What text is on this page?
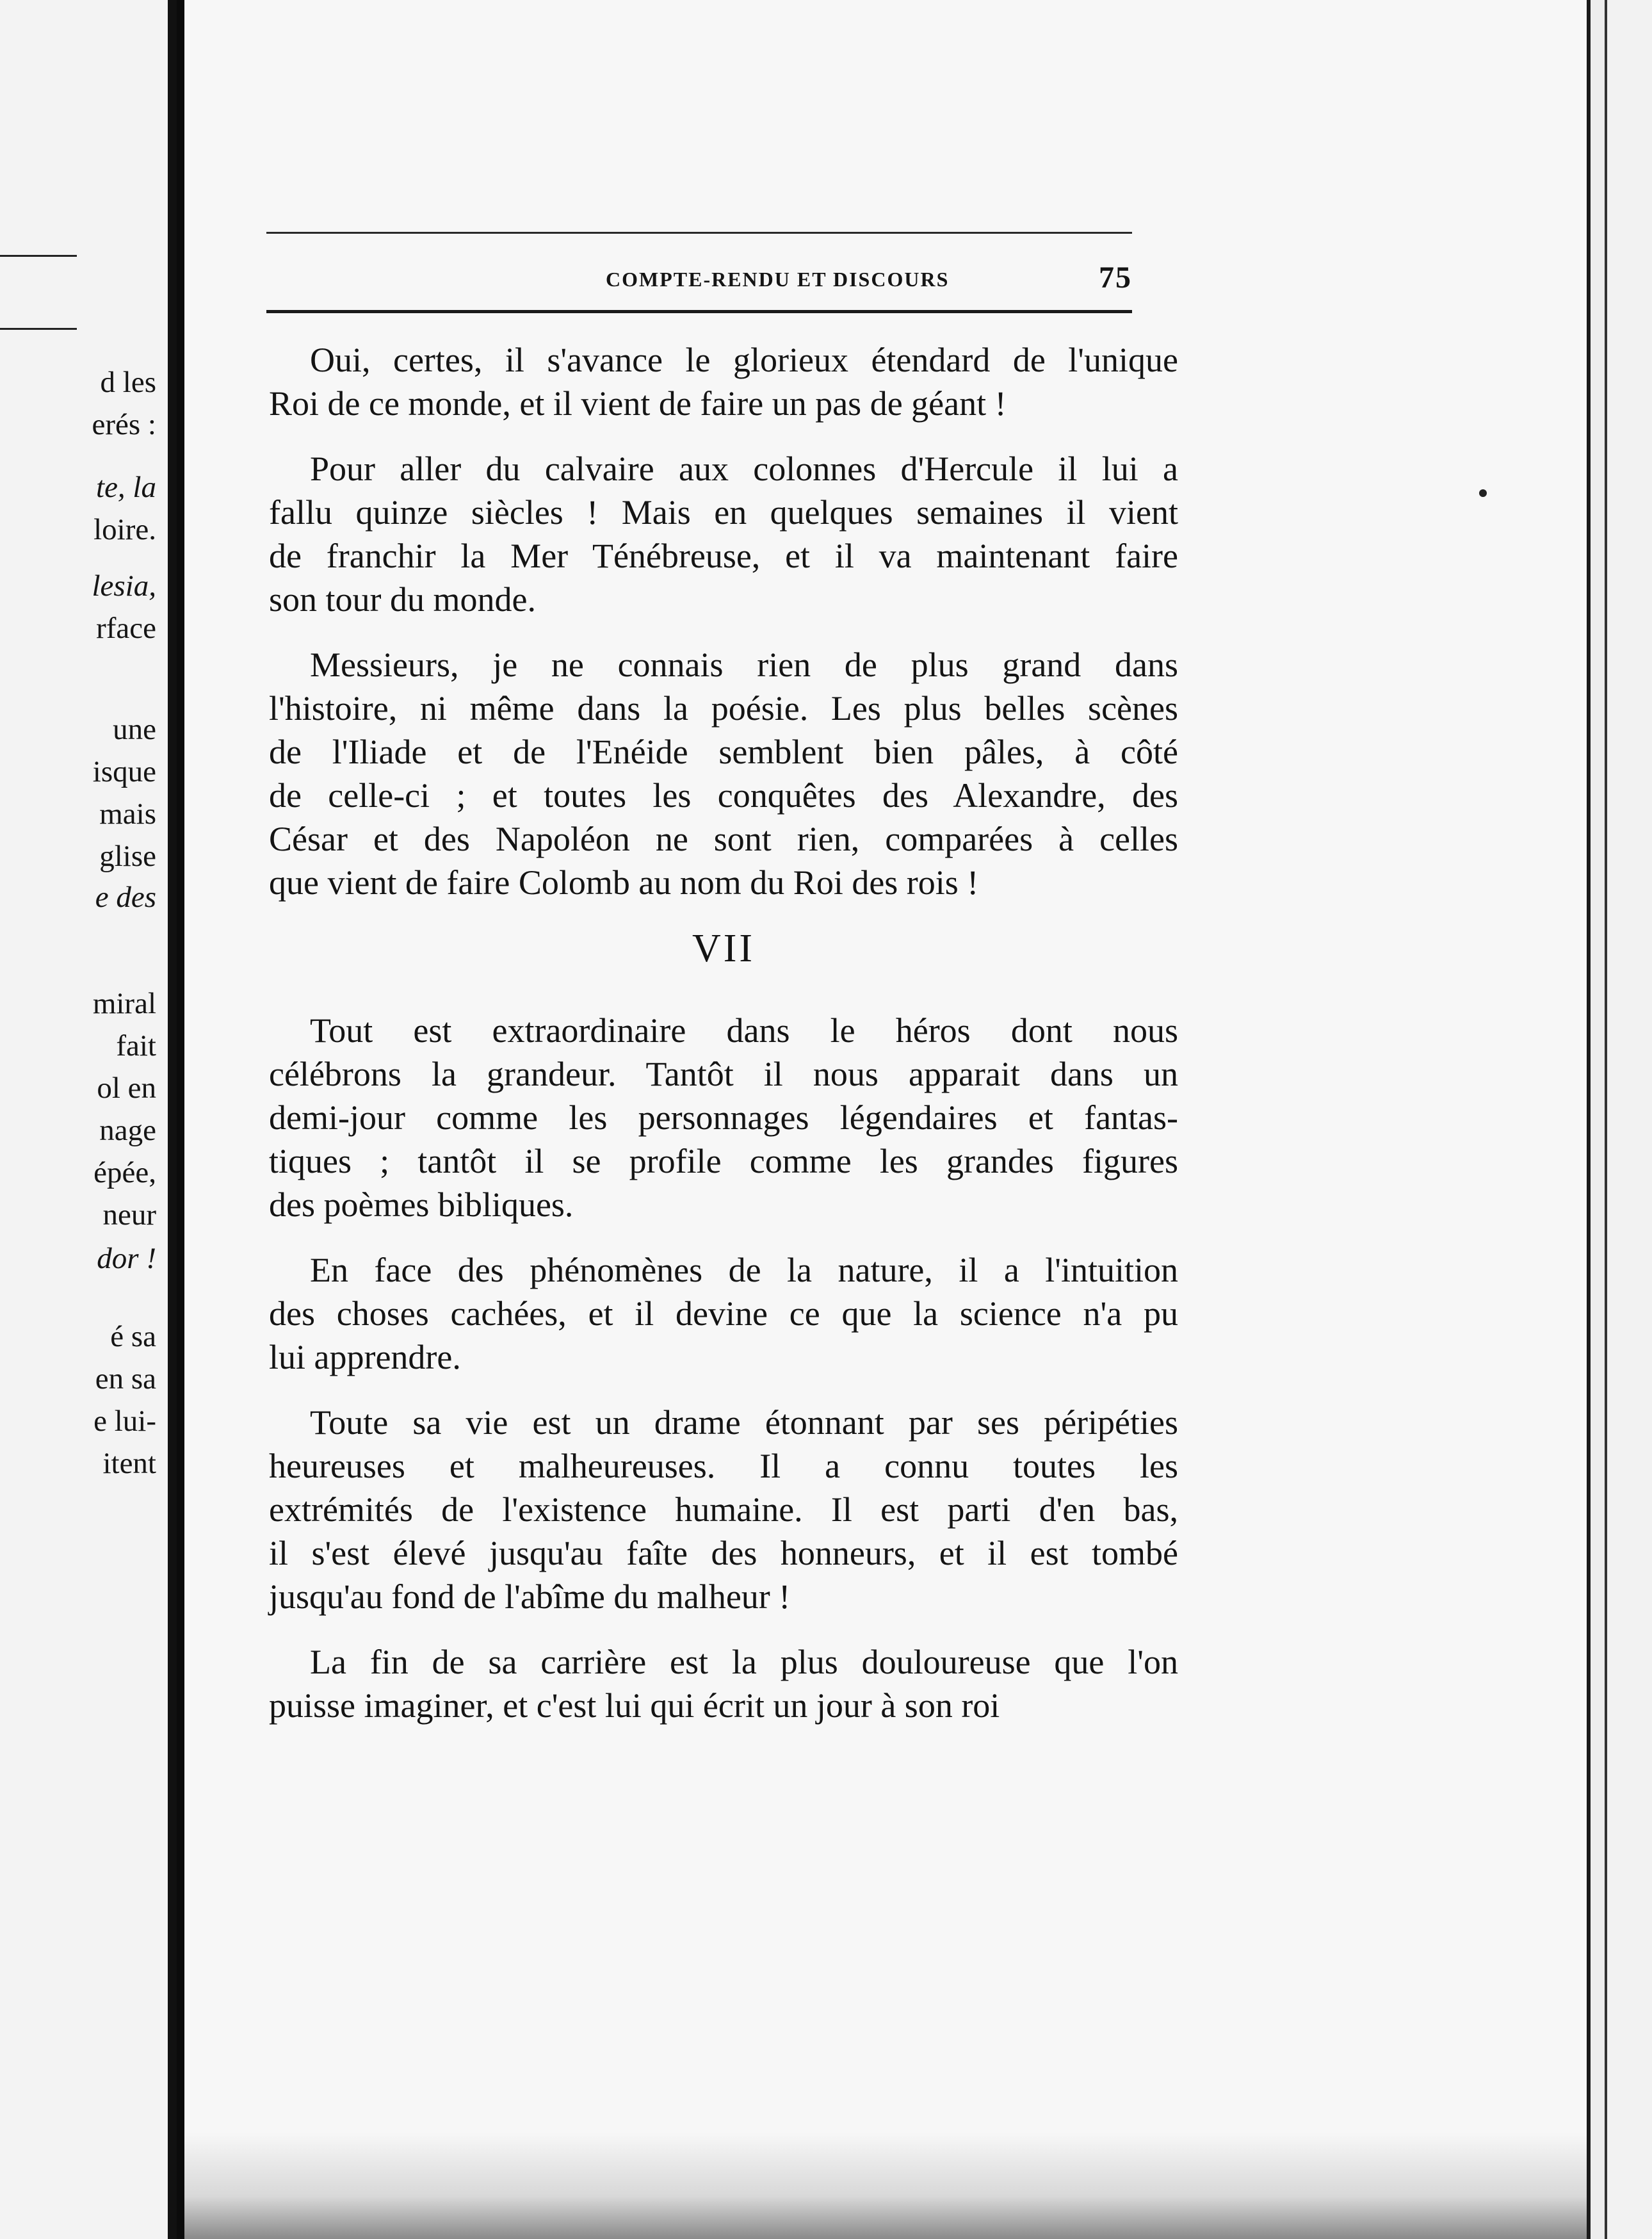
d les

erés :

te, la

loire.

lesia,

rface

une

isque

mais

glise

e des

miral

fait

ol en

nage

épée,

neur

dor !

é sa

en sa

e lui-

itent

COMPTE-RENDU ET DISCOURS	75

Oui, certes, il s'avance le glorieux étendard de l'unique
Roi de ce monde, et il vient de faire un pas de géant !

Pour aller du calvaire aux colonnes d'Hercule il lui a
fallu quinze siècles ! Mais en quelques semaines il vient
de franchir la Mer Ténébreuse, et il va maintenant faire
son tour du monde.

Messieurs, je ne connais rien de plus grand dans
l'histoire, ni même dans la poésie. Les plus belles scènes
de l'Iliade et de l'Enéide semblent bien pâles, à côté
de celle-ci ; et toutes les conquêtes des Alexandre, des
César et des Napoléon ne sont rien, comparées à celles
que vient de faire Colomb au nom du Roi des rois !

VII

Tout est extraordinaire dans le héros dont nous
célébrons la grandeur. Tantôt il nous apparait dans un
demi-jour comme les personnages légendaires et fantas-
tiques ; tantôt il se profile comme les grandes figures
des poèmes bibliques.

En face des phénomènes de la nature, il a l'intuition
des choses cachées, et il devine ce que la science n'a pu
lui apprendre.

Toute sa vie est un drame étonnant par ses péripéties
heureuses et malheureuses. Il a connu toutes les
extrémités de l'existence humaine. Il est parti d'en bas,
il s'est élevé jusqu'au faîte des honneurs, et il est tombé
jusqu'au fond de l'abîme du malheur !

La fin de sa carrière est la plus douloureuse que l'on
puisse imaginer, et c'est lui qui écrit un jour à son roi
